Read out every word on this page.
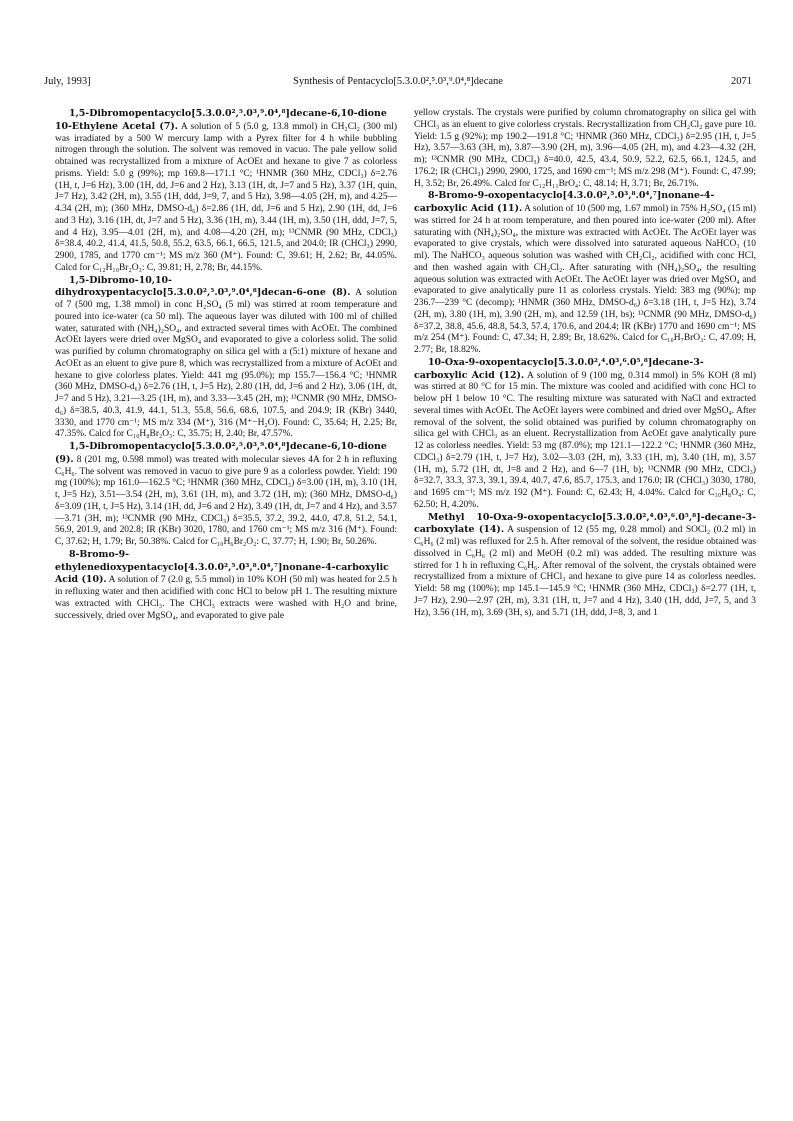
July, 1993]	Synthesis of Pentacyclo[5.3.0.0²,⁵.0³,⁹.0⁴,⁸]decane	2071

1,5-Dibromopentacyclo[5.3.0.0²,⁵.0³,⁹.0⁴,⁸]decane-6,10-dione 10-Ethylene Acetal (7). A solution of 5 (5.0 g, 13.8 mmol) in CH₂Cl₂ (300 ml) was irradiated by a 500 W mercury lamp with a Pyrex filter for 4 h while bubbling nitrogen through the solution. The solvent was removed in vacuo. The pale yellow solid obtained was recrystallized from a mixture of AcOEt and hexane to give 7 as colorless prisms. Yield: 5.0 g (99%); mp 169.8—171.1 °C; ¹HNMR (360 MHz, CDCl₃) δ=2.76 (1H, t, J=6 Hz), 3.00 (1H, dd, J=6 and 2 Hz), 3.13 (1H, dt, J=7 and 5 Hz), 3.37 (1H, quin, J=7 Hz), 3.42 (2H, m), 3.55 (1H, ddd, J=9, 7, and 5 Hz), 3.98—4.05 (2H, m), and 4.25—4.34 (2H, m); (360 MHz, DMSO-d₆) δ=2.86 (1H, dd, J=6 and 5 Hz), 2.90 (1H, dd, J=6 and 3 Hz), 3.16 (1H, dt, J=7 and 5 Hz), 3.36 (1H, m), 3.44 (1H, m), 3.50 (1H, ddd, J=7, 5, and 4 Hz), 3.95—4.01 (2H, m), and 4.08—4.20 (2H, m); ¹³CNMR (90 MHz, CDCl₃) δ=38.4, 40.2, 41.4, 41.5, 50.8, 55.2, 63.5, 66.1, 66.5, 121.5, and 204.0; IR (CHCl₃) 2990, 2900, 1785, and 1770 cm⁻¹; MS m/z 360 (M⁺). Found: C, 39.61; H, 2.62; Br, 44.05%. Calcd for C₁₂H₁₀Br₂O₃: C, 39.81; H, 2.78; Br, 44.15%.

1,5-Dibromo-10,10-dihydroxypentacyclo[5.3.0.0²,⁵.0³,⁹.0⁴,⁸]decan-6-one (8). A solution of 7 (500 mg, 1.38 mmol) in conc H₂SO₄ (5 ml) was stirred at room temperature and poured into ice-water (ca 50 ml). The aqueous layer was diluted with 100 ml of chilled water, saturated with (NH₄)₂SO₄, and extracted several times with AcOEt. The combined AcOEt layers were dried over MgSO₄ and evaporated to give a colorless solid. The solid was purified by column chromatography on silica gel with a (5:1) mixture of hexane and AcOEt as an eluent to give pure 8, which was recrystallized from a mixture of AcOEt and hexane to give colorless plates. Yield: 441 mg (95.0%); mp 155.7—156.4 °C; ¹HNMR (360 MHz, DMSO-d₆) δ=2.76 (1H, t, J=5 Hz), 2.80 (1H, dd, J=6 and 2 Hz), 3.06 (1H, dt, J=7 and 5 Hz), 3.21—3.25 (1H, m), and 3.33—3.45 (2H, m); ¹³CNMR (90 MHz, DMSO-d₆) δ=38.5, 40.3, 41.9, 44.1, 51.3, 55.8, 56.6, 68.6, 107.5, and 204.9; IR (KBr) 3440, 3330, and 1770 cm⁻¹; MS m/z 334 (M⁺), 316 (M⁺−H₂O). Found: C, 35.64; H, 2.25; Br, 47.35%. Calcd for C₁₀H₈Br₂O₃: C, 35.75; H, 2.40; Br, 47.57%.

1,5-Dibromopentacyclo[5.3.0.0²,⁵.0³,⁹.0⁴,⁸]decane-6,10-dione (9). 8 (201 mg, 0.598 mmol) was treated with molecular sieves 4A for 2 h in refluxing C₆H₆. The solvent was removed in vacuo to give pure 9 as a colorless powder. Yield: 190 mg (100%); mp 161.0—162.5 °C; ¹HNMR (360 MHz, CDCl₃) δ=3.00 (1H, m), 3.10 (1H, t, J=5 Hz), 3.51—3.54 (2H, m), 3.61 (1H, m), and 3.72 (1H, m); (360 MHz, DMSO-d₆) δ=3.09 (1H, t, J=5 Hz), 3.14 (1H, dd, J=6 and 2 Hz), 3.49 (1H, dt, J=7 and 4 Hz), and 3.57—3.71 (3H, m); ¹³CNMR (90 MHz, CDCl₃) δ=35.5, 37.2, 39.2, 44.0, 47.8, 51.2, 54.1, 56.9, 201.9, and 202.8; IR (KBr) 3020, 1780, and 1760 cm⁻¹; MS m/z 316 (M⁺). Found: C, 37.62; H, 1.79; Br, 50.38%. Calcd for C₁₀H₆Br₂O₂: C, 37.77; H, 1.90; Br, 50.26%.

8-Bromo-9-ethylenedioxypentacyclo[4.3.0.0²,⁵.0³,⁸.0⁴,⁷]nonane-4-carboxylic Acid (10). A solution of 7 (2.0 g, 5.5 mmol) in 10% KOH (50 ml) was heated for 2.5 h in refluxing water and then acidified with conc HCl to below pH 1. The resulting mixture was extracted with CHCl₃. The CHCl₃ extracts were washed with H₂O and brine, successively, dried over MgSO₄, and evaporated to give pale

yellow crystals. The crystals were purified by column chromatography on silica gel with CHCl₃ as an eluent to give colorless crystals. Recrystallization from CH₂Cl₂ gave pure 10. Yield: 1.5 g (92%); mp 190.2—191.8 °C; ¹HNMR (360 MHz, CDCl₃) δ=2.95 (1H, t, J=5 Hz), 3.57—3.63 (3H, m), 3.87—3.90 (2H, m), 3.96—4.05 (2H, m), and 4.23—4.32 (2H, m); ¹³CNMR (90 MHz, CDCl₃) δ=40.0, 42.5, 43.4, 50.9, 52.2, 62.5, 66.1, 124.5, and 176.2; IR (CHCl₃) 2990, 2900, 1725, and 1690 cm⁻¹; MS m/z 298 (M⁺). Found: C, 47.99; H, 3.52; Br, 26.49%. Calcd for C₁₂H₁₁BrO₄: C, 48.14; H, 3.71; Br, 26.71%.

8-Bromo-9-oxopentacyclo[4.3.0.0²,⁵.0³,⁸.0⁴,⁷]nonane-4-carboxylic Acid (11). A solution of 10 (500 mg, 1.67 mmol) in 75% H₂SO₄ (15 ml) was stirred for 24 h at room temperature, and then poured into ice-water (200 ml). After saturating with (NH₄)₂SO₄, the mixture was extracted with AcOEt. The AcOEt layer was evaporated to give crystals, which were dissolved into saturated aqueous NaHCO₃ (10 ml). The NaHCO₃ aqueous solution was washed with CH₂Cl₂, acidified with conc HCl, and then washed again with CH₂Cl₂. After saturating with (NH₄)₂SO₄, the resulting aqueous solution was extracted with AcOEt. The AcOEt layer was dried over MgSO₄ and evaporated to give analytically pure 11 as colorless crystals. Yield: 383 mg (90%); mp 236.7—239 °C (decomp); ¹HNMR (360 MHz, DMSO-d₆) δ=3.18 (1H, t, J=5 Hz), 3.74 (2H, m), 3.80 (1H, m), 3.90 (2H, m), and 12.59 (1H, bs); ¹³CNMR (90 MHz, DMSO-d₆) δ=37.2, 38.8, 45.6, 48.8, 54.3, 57.4, 170.6, and 204.4; IR (KBr) 1770 and 1690 cm⁻¹; MS m/z 254 (M⁺). Found: C, 47.34; H, 2.89; Br, 18.62%. Calcd for C₁₀H₇BrO₃: C, 47.09; H, 2.77; Br, 18.82%.

10-Oxa-9-oxopentacyclo[5.3.0.0²,⁴.0³,⁶.0⁵,⁸]decane-3-carboxylic Acid (12). A solution of 9 (100 mg, 0.314 mmol) in 5% KOH (8 ml) was stirred at 80 °C for 15 min. The mixture was cooled and acidified with conc HCl to below pH 1 below 10 °C. The resulting mixture was saturated with NaCl and extracted several times with AcOEt. The AcOEt layers were combined and dried over MgSO₄. After removal of the solvent, the solid obtained was purified by column chromatography on silica gel with CHCl₃ as an eluent. Recrystallization from AcOEt gave analytically pure 12 as colorless needles. Yield: 53 mg (87.0%); mp 121.1—122.2 °C; ¹HNMR (360 MHz, CDCl₃) δ=2.79 (1H, t, J=7 Hz), 3.02—3.03 (2H, m), 3.33 (1H, m), 3.40 (1H, m), 3.57 (1H, m), 5.72 (1H, dt, J=8 and 2 Hz), and 6—7 (1H, b); ¹³CNMR (90 MHz, CDCl₃) δ=32.7, 33.3, 37.3, 39.1, 39.4, 40.7, 47.6, 85.7, 175.3, and 176.0; IR (CHCl₃) 3030, 1780, and 1695 cm⁻¹; MS m/z 192 (M⁺). Found: C, 62.43; H, 4.04%. Calcd for C₁₀H₈O₄: C, 62.50; H, 4.20%.

Methyl 10-Oxa-9-oxopentacyclo[5.3.0.0²,⁴.0³,⁶.0⁵,⁸]-decane-3-carboxylate (14). A suspension of 12 (55 mg, 0.28 mmol) and SOCl₂ (0.2 ml) in C₆H₆ (2 ml) was refluxed for 2.5 h. After removal of the solvent, the residue obtained was dissolved in C₆H₆ (2 ml) and MeOH (0.2 ml) was added. The resulting mixture was stirred for 1 h in refluxing C₆H₆. After removal of the solvent, the crystals obtained were recrystallized from a mixture of CHCl₃ and hexane to give pure 14 as colorless needles. Yield: 58 mg (100%); mp 145.1—145.9 °C; ¹HNMR (360 MHz, CDCl₃) δ=2.77 (1H, t, J=7 Hz), 2.90—2.97 (2H, m), 3.31 (1H, tt, J=7 and 4 Hz), 3.40 (1H, ddd, J=7, 5, and 3 Hz), 3.56 (1H, m), 3.69 (3H, s), and 5.71 (1H, ddd, J=8, 3, and 1
